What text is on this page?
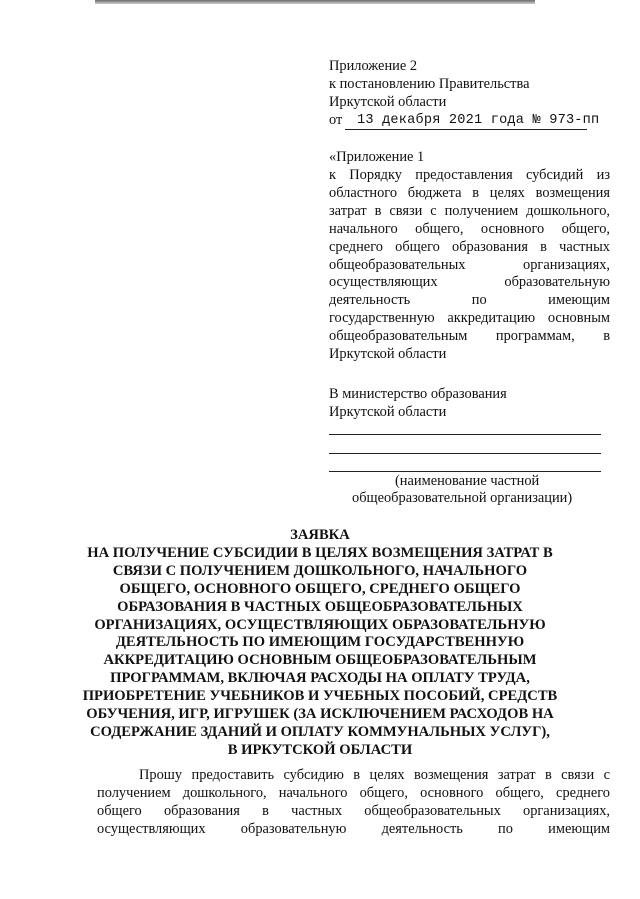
Приложение 2
к постановлению Правительства
Иркутской области
от 13 декабря 2021 года № 973-пп
«Приложение 1
к Порядку предоставления субсидий из
областного бюджета в целях возмещения
затрат в связи с получением дошкольного,
начального общего, основного общего,
среднего общего образования в частных
общеобразовательных организациях,
осуществляющих образовательную
деятельность по имеющим
государственную аккредитацию основным
общеобразовательным программам, в
Иркутской области
В министерство образования
Иркутской области
(наименование частной
общеобразовательной организации)
ЗАЯВКА
НА ПОЛУЧЕНИЕ СУБСИДИИ В ЦЕЛЯХ ВОЗМЕЩЕНИЯ ЗАТРАТ В
СВЯЗИ С ПОЛУЧЕНИЕМ ДОШКОЛЬНОГО, НАЧАЛЬНОГО
ОБЩЕГО, ОСНОВНОГО ОБЩЕГО, СРЕДНЕГО ОБЩЕГО
ОБРАЗОВАНИЯ В ЧАСТНЫХ ОБЩЕОБРАЗОВАТЕЛЬНЫХ
ОРГАНИЗАЦИЯХ, ОСУЩЕСТВЛЯЮЩИХ ОБРАЗОВАТЕЛЬНУЮ
ДЕЯТЕЛЬНОСТЬ ПО ИМЕЮЩИМ ГОСУДАРСТВЕННУЮ
АККРЕДИТАЦИЮ ОСНОВНЫМ ОБЩЕОБРАЗОВАТЕЛЬНЫМ
ПРОГРАММАМ, ВКЛЮЧАЯ РАСХОДЫ НА ОПЛАТУ ТРУДА,
ПРИОБРЕТЕНИЕ УЧЕБНИКОВ И УЧЕБНЫХ ПОСОБИЙ, СРЕДСТВ
ОБУЧЕНИЯ, ИГР, ИГРУШЕК (ЗА ИСКЛЮЧЕНИЕМ РАСХОДОВ НА
СОДЕРЖАНИЕ ЗДАНИЙ И ОПЛАТУ КОММУНАЛЬНЫХ УСЛУГ),
В ИРКУТСКОЙ ОБЛАСТИ
Прошу предоставить субсидию в целях возмещения затрат в связи с
получением дошкольного, начального общего, основного общего, среднего
общего образования в частных общеобразовательных организациях,
осуществляющих образовательную деятельность по имеющим
